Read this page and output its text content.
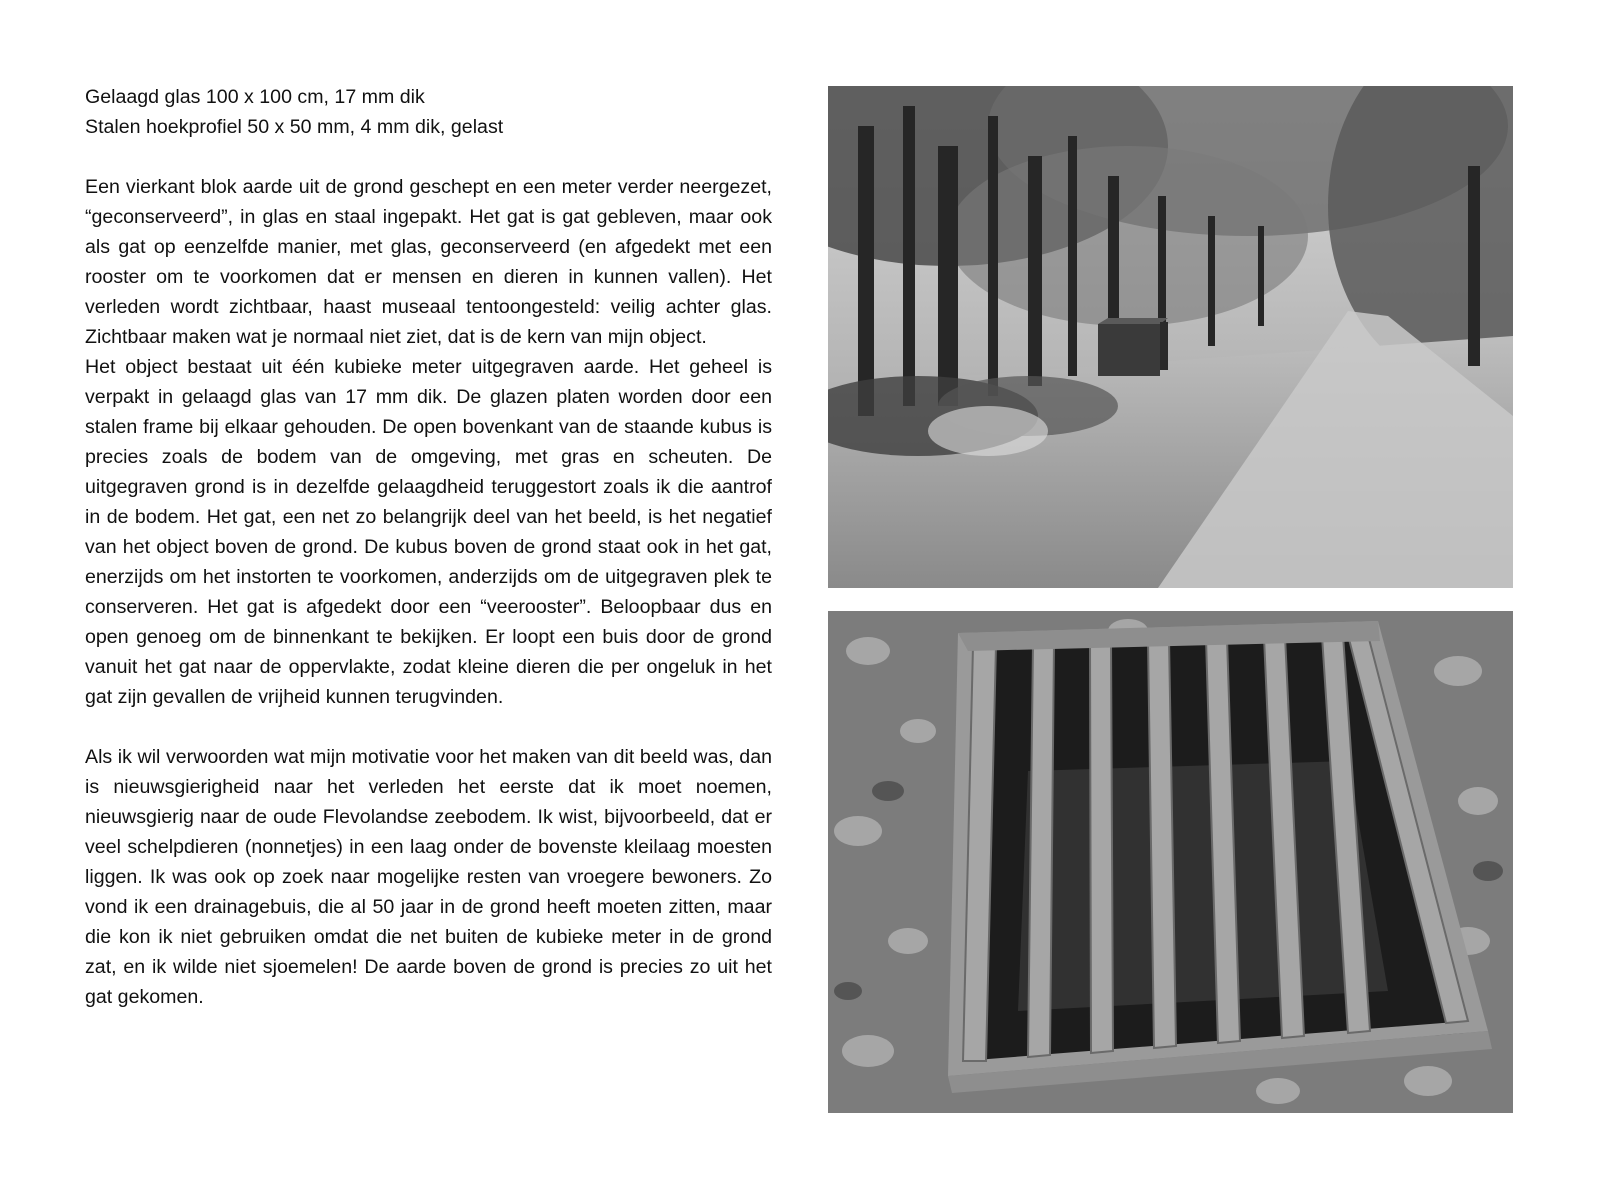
Gelaagd glas 100 x 100 cm, 17 mm dik

Stalen hoekprofiel 50 x 50 mm, 4 mm dik, gelast

Een vierkant blok aarde uit de grond geschept en een meter verder neergezet, “geconserveerd”, in glas en staal ingepakt. Het gat is gat gebleven, maar ook als gat op eenzelfde manier, met glas, geconserveerd (en afgedekt met een rooster om te voorkomen dat er mensen en dieren in kunnen vallen). Het verleden wordt zichtbaar, haast museaal tentoongesteld: veilig achter glas. Zichtbaar maken wat je normaal niet ziet, dat is de kern van mijn object.

Het object bestaat uit één kubieke meter uitgegraven aarde. Het geheel is verpakt in gelaagd glas van 17 mm dik. De glazen platen worden door een stalen frame bij elkaar gehouden. De open bovenkant van de staande kubus is precies zoals de bodem van de omgeving, met gras en scheuten. De uitgegraven grond is in dezelfde gelaagdheid teruggestort zoals ik die aantrof in de bodem. Het gat, een net zo belangrijk deel van het beeld, is het negatief van het object boven de grond. De kubus boven de grond staat ook in het gat, enerzijds om het instorten te voorkomen, anderzijds om de uitgegraven plek te conserveren. Het gat is afgedekt door een “veerooster”. Beloopbaar dus en open genoeg om de binnenkant te bekijken. Er loopt een buis door de grond vanuit het gat naar de oppervlakte, zodat kleine dieren die per ongeluk in het gat zijn gevallen de vrijheid kunnen terugvinden.

Als ik wil verwoorden wat mijn motivatie voor het maken van dit beeld was, dan is nieuwsgierigheid naar het verleden het eerste dat ik moet noemen, nieuwsgierig naar de oude Flevolandse zeebodem. Ik wist, bijvoorbeeld, dat er veel schelpdieren (nonnetjes) in een laag onder de bovenste kleilaag moesten liggen. Ik was ook op zoek naar mogelijke resten van vroegere bewoners. Zo vond ik een drainagebuis, die al 50 jaar in de grond heeft moeten zitten, maar die kon ik niet gebruiken omdat die net buiten de kubieke meter in de grond zat, en ik wilde niet sjoemelen! De aarde boven de grond is precies zo uit het gat gekomen.
